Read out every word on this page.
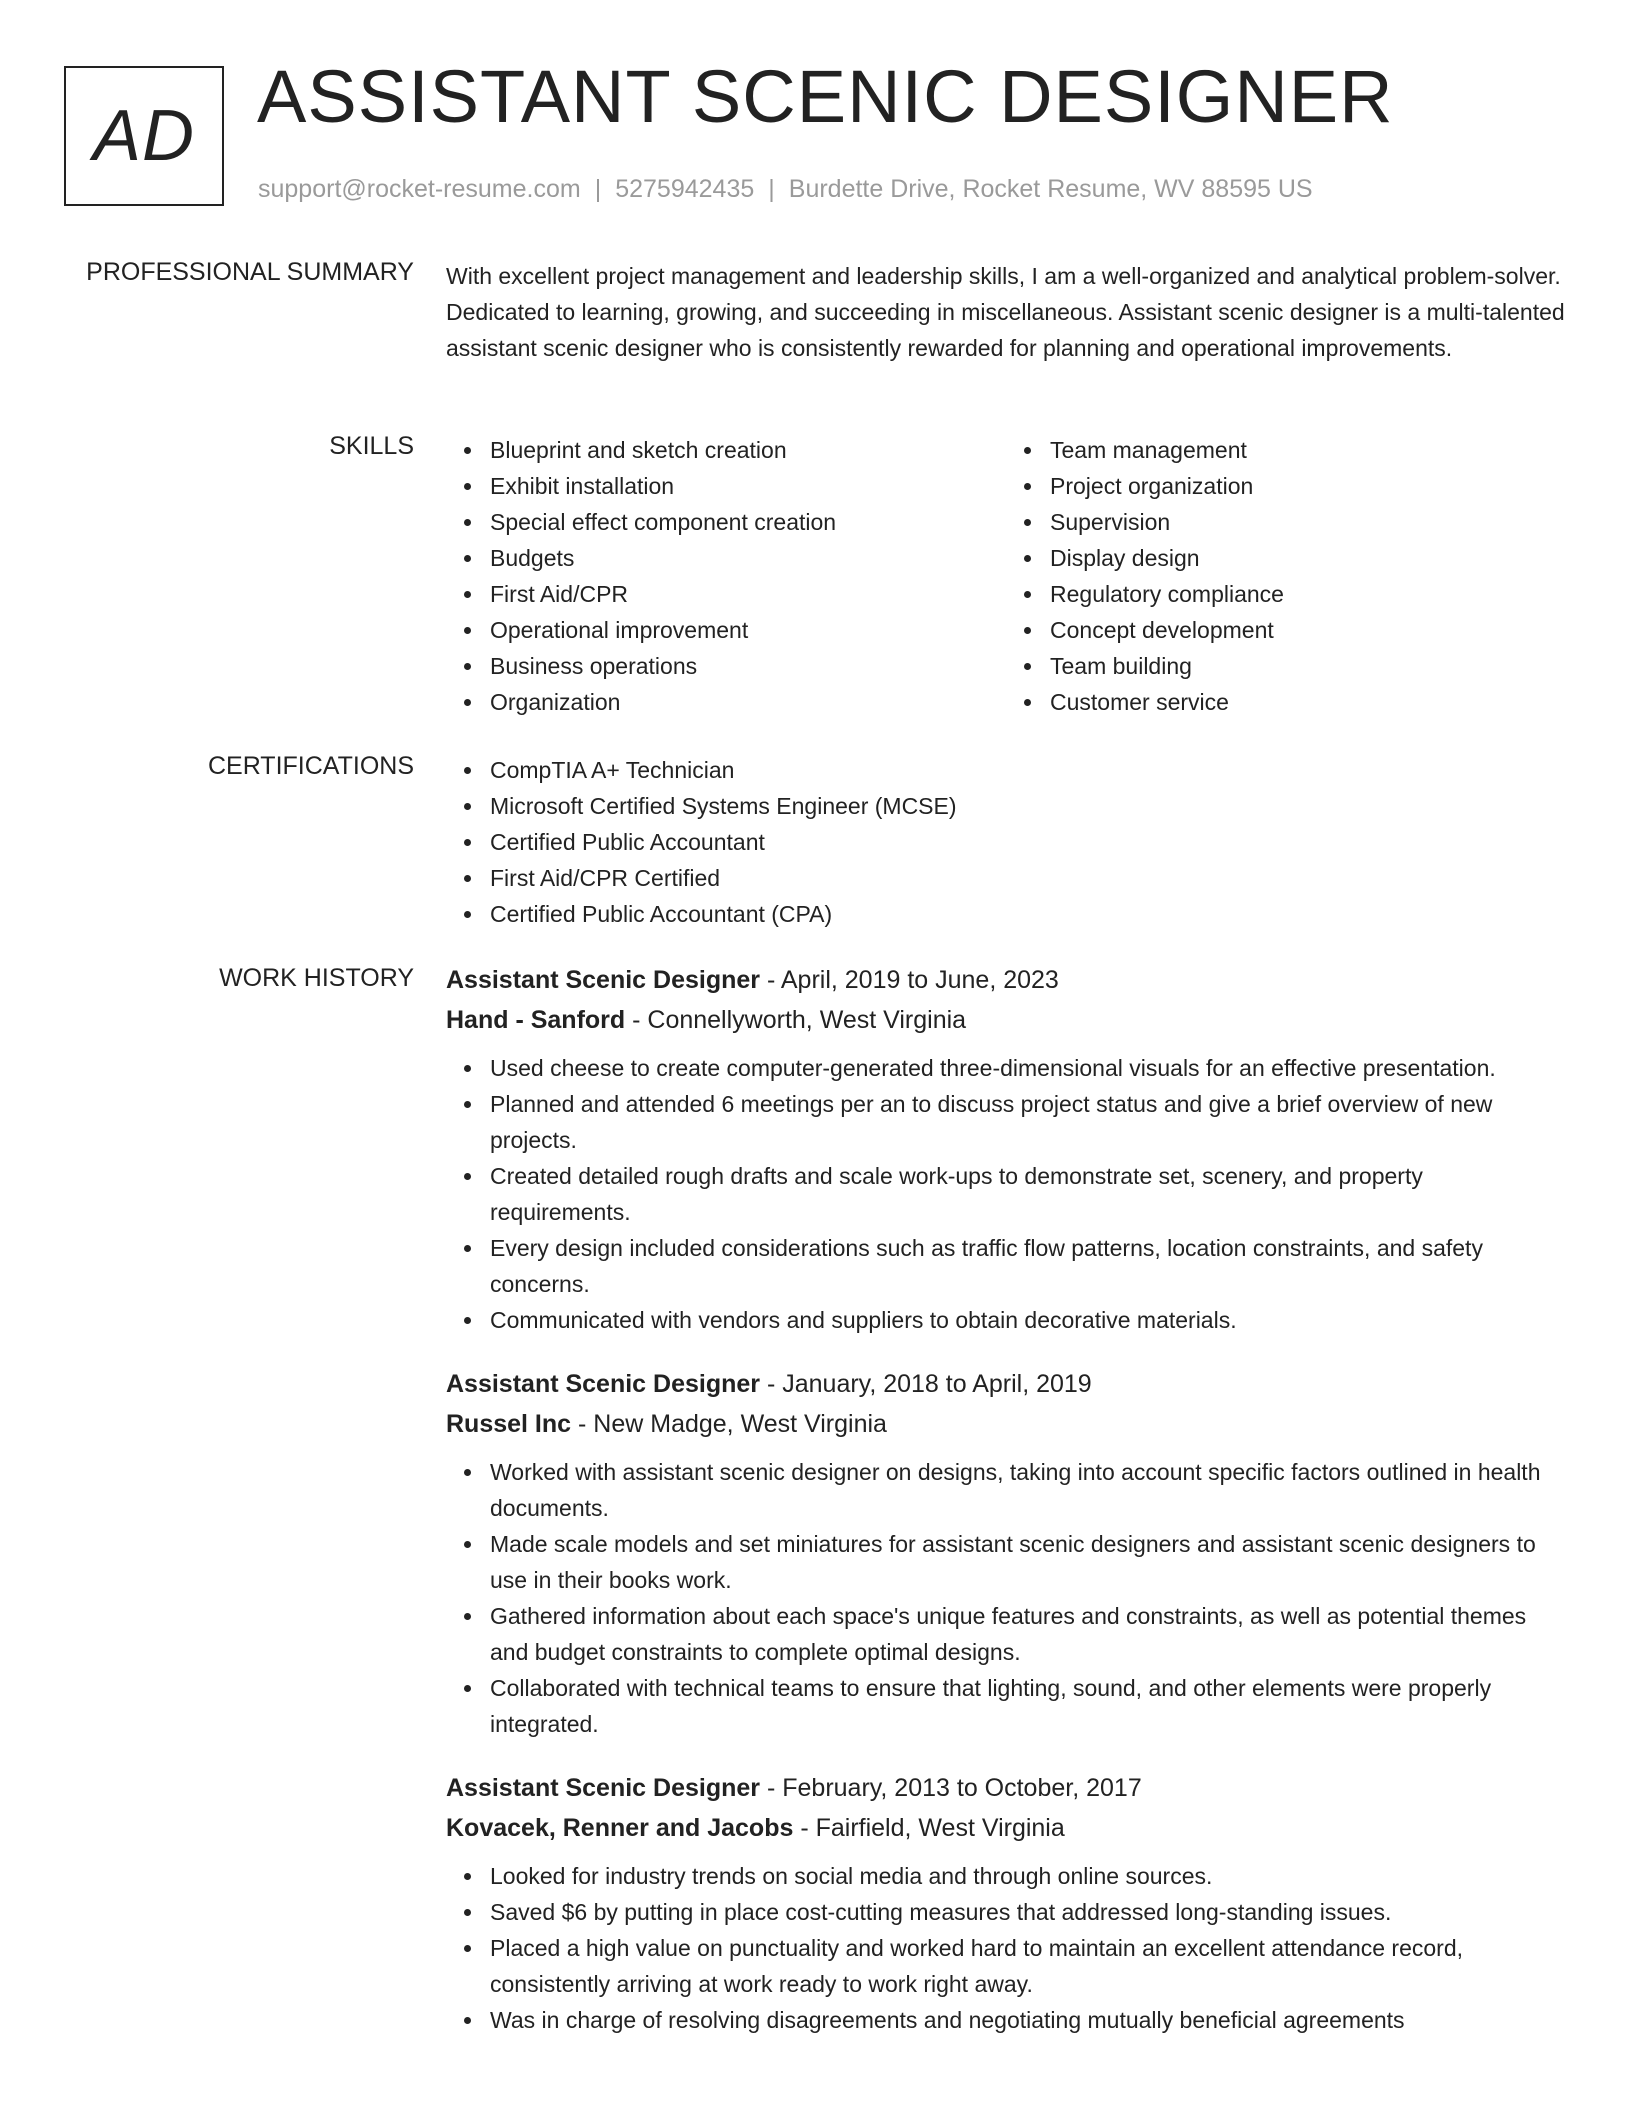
AD ASSISTANT SCENIC DESIGNER
support@rocket-resume.com | 5275942435 | Burdette Drive, Rocket Resume, WV 88595 US
PROFESSIONAL SUMMARY With excellent project management and leadership skills, I am a well-organized and analytical problem-solver. Dedicated to learning, growing, and succeeding in miscellaneous. Assistant scenic designer is a multi-talented assistant scenic designer who is consistently rewarded for planning and operational improvements.

SKILLS	Blueprint and sketch creation
Exhibit installation
Special effect component creation
Budgets
First Aid/CPR
Operational improvement
Business operations
Organization
Team management
Project organization
Supervision
Display design
Regulatory compliance
Concept development
Team building
Customer service
CERTIFICATIONS	CompTIA A+ Technician
Microsoft Certified Systems Engineer (MCSE)
Certified Public Accountant
First Aid/CPR Certified
Certified Public Accountant (CPA)
WORK HISTORY Assistant Scenic Designer - April, 2019 to June, 2023
Hand - Sanford - Connellyworth, West Virginia
Used cheese to create computer-generated three-dimensional visuals for an effective presentation.
Planned and attended 6 meetings per an to discuss project status and give a brief overview of new projects.
Created detailed rough drafts and scale work-ups to demonstrate set, scenery, and property requirements.
Every design included considerations such as traffic flow patterns, location constraints, and safety concerns.
Communicated with vendors and suppliers to obtain decorative materials.
Assistant Scenic Designer - January, 2018 to April, 2019
Russel Inc - New Madge, West Virginia
Worked with assistant scenic designer on designs, taking into account specific factors outlined in health documents.
Made scale models and set miniatures for assistant scenic designers and assistant scenic designers to use in their books work.
Gathered information about each space's unique features and constraints, as well as potential themes and budget constraints to complete optimal designs.
Collaborated with technical teams to ensure that lighting, sound, and other elements were properly integrated.
Assistant Scenic Designer - February, 2013 to October, 2017
Kovacek, Renner and Jacobs - Fairfield, West Virginia
Looked for industry trends on social media and through online sources.
Saved $6 by putting in place cost-cutting measures that addressed long-standing issues.
Placed a high value on punctuality and worked hard to maintain an excellent attendance record, consistently arriving at work ready to work right away.
Was in charge of resolving disagreements and negotiating mutually beneficial agreements
